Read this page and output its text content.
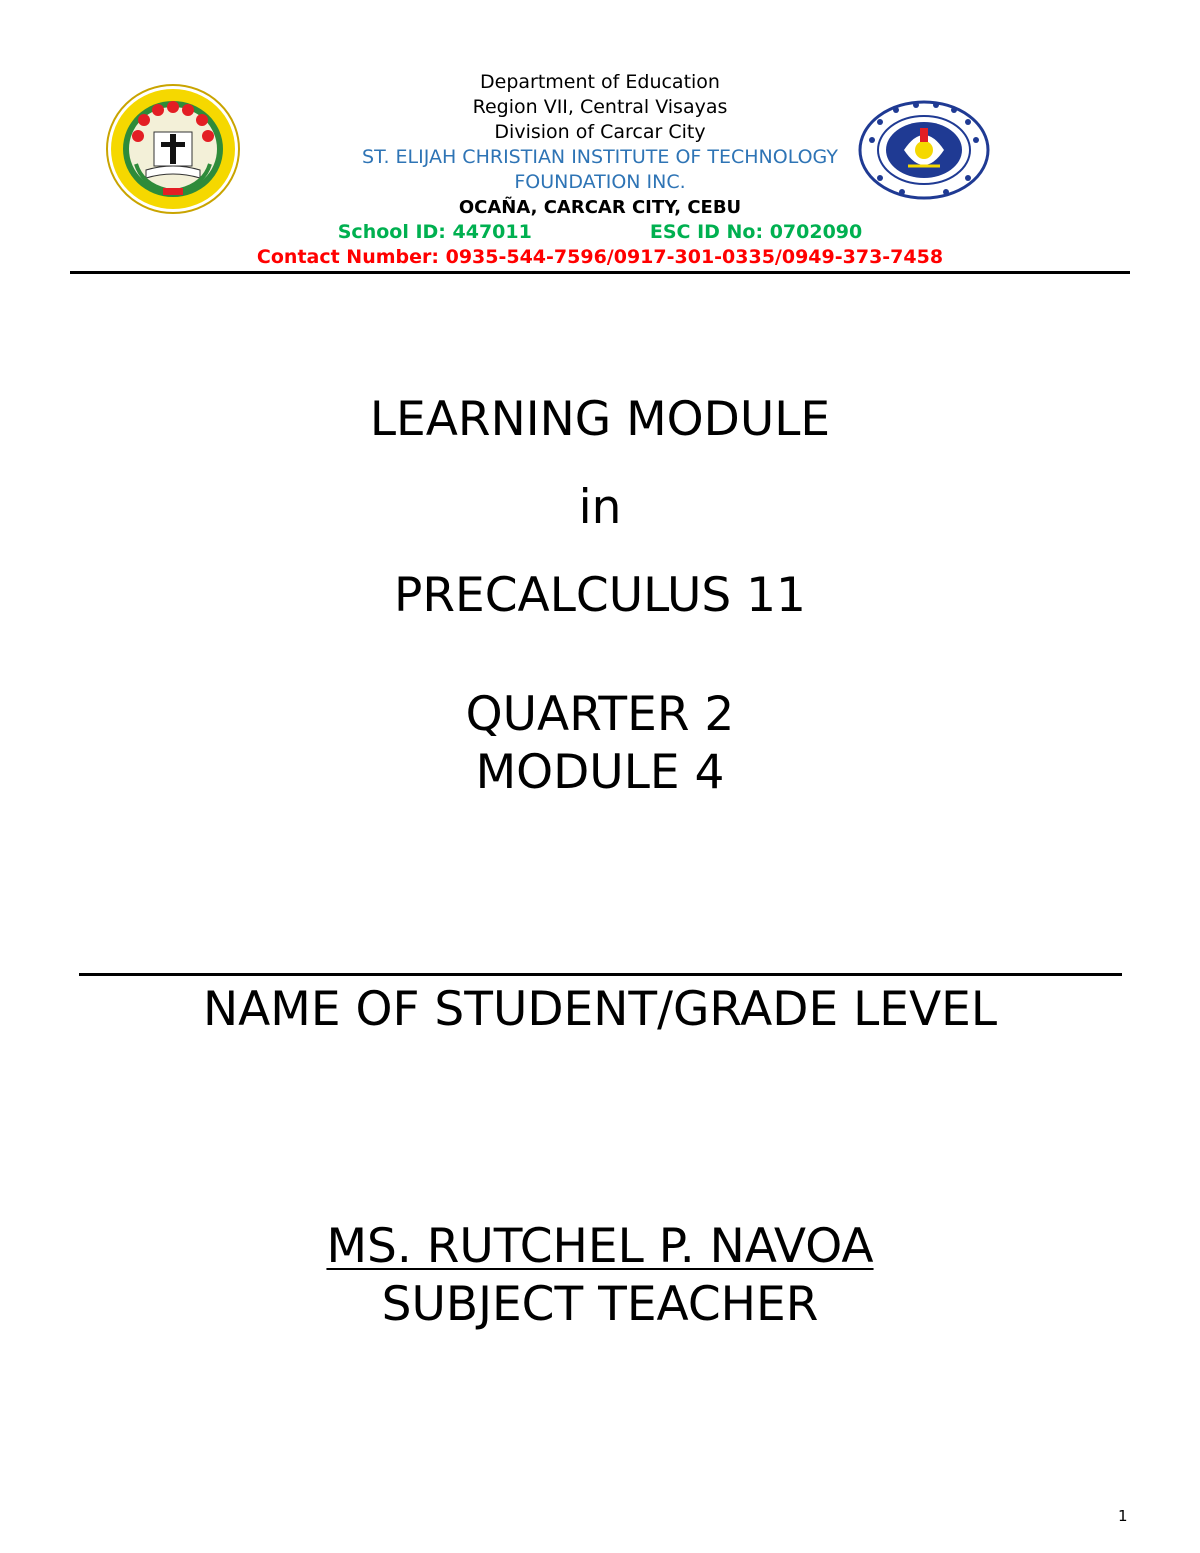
Department of Education
Region VII, Central Visayas
Division of Carcar City
ST. ELIJAH CHRISTIAN INSTITUTE OF TECHNOLOGY
FOUNDATION INC.
OCAÑA, CARCAR CITY, CEBU
School ID: 447011	ESC ID No: 0702090
Contact Number: 0935-544-7596/0917-301-0335/0949-373-7458
LEARNING MODULE
in
PRECALCULUS 11
QUARTER 2
MODULE 4
NAME OF STUDENT/GRADE LEVEL
MS. RUTCHEL P. NAVOA
SUBJECT TEACHER
1
